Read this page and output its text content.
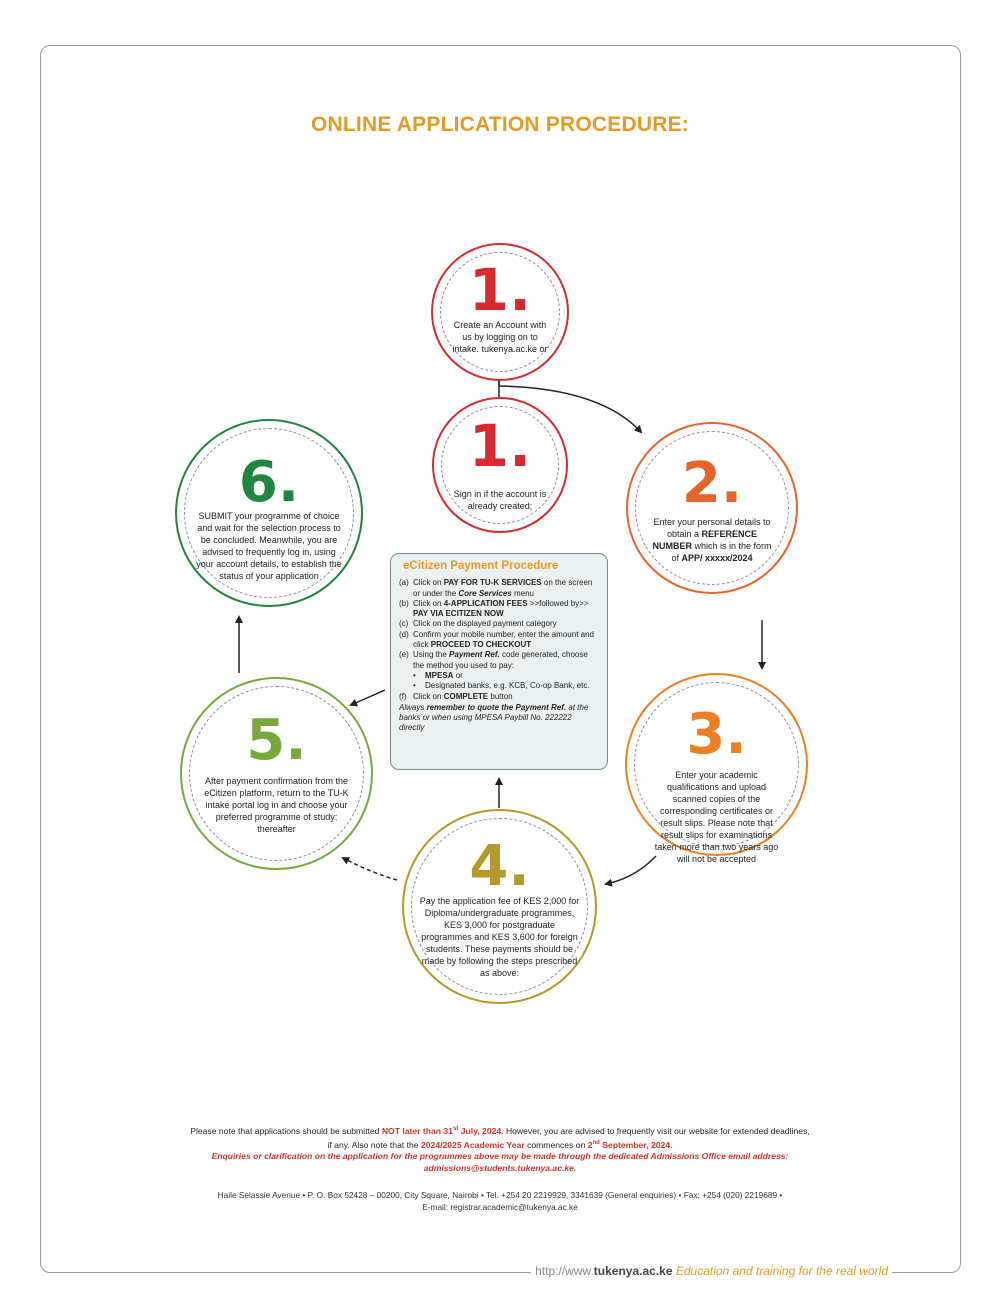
ONLINE APPLICATION PROCEDURE:
1.
Create an Account with us by logging on to intake. tukenya.ac.ke or
1.
Sign in if the account is already created;	2.
Enter your personal details to obtain a REFERENCE NUMBER which is in the form of APP/ xxxxx/2024
3.
Enter your academic qualifications and upload scanned copies of the corresponding certificates or result slips. Please note that result slips for examinations taken more than two years ago will not be accepted
4.
Pay the application fee of KES 2,000 for Diploma/undergraduate programmes, KES 3,000 for postgraduate programmes and KES 3,600 for foreign students. These payments should be made by following the steps prescribed as above:
5.
After payment confirmation from the eCitizen platform, return to the TU-K intake portal log in and choose your preferred programme of study; thereafter
6.
SUBMIT your programme of choice and wait for the selection process to be concluded. Meanwhile, you are advised to frequently log in, using your account details, to establish the status of your application
eCitizen Payment Procedure
(a) Click on PAY FOR TU-K SERVICES on the screen or under the Core Services menu
(b) Click on 4-APPLICATION FEES >>followed by>> PAY VIA ECITIZEN NOW
(c) Click on the displayed payment category
(d) Confirm your mobile number, enter the amount and click PROCEED TO CHECKOUT
(e) Using the Payment Ref. code generated, choose the method you used to pay:
• MPESA or
• Designated banks, e.g. KCB, Co-op Bank, etc.
(f) Click on COMPLETE button
Always remember to quote the Payment Ref. at the banks or when using MPESA Paybill No. 222222 directly
Please note that applications should be submitted NOT later than 31st July, 2024. However, you are advised to frequently visit our website for extended deadlines, if any. Also note that the 2024/2025 Academic Year commences on 2nd September, 2024.
Enquiries or clarification on the application for the programmes above may be made through the dedicated Admissions Office email address:
admissions@students.tukenya.ac.ke.
Haile Selassie Avenue • P. O. Box 52428 – 00200, City Square, Nairobi • Tel. +254 20 2219929, 3341639 (General enquiries) • Fax: +254 (020) 2219689 •
E-mail: registrar.academic@tukenya.ac.ke
http://www.tukenya.ac.ke Education and training for the real world
